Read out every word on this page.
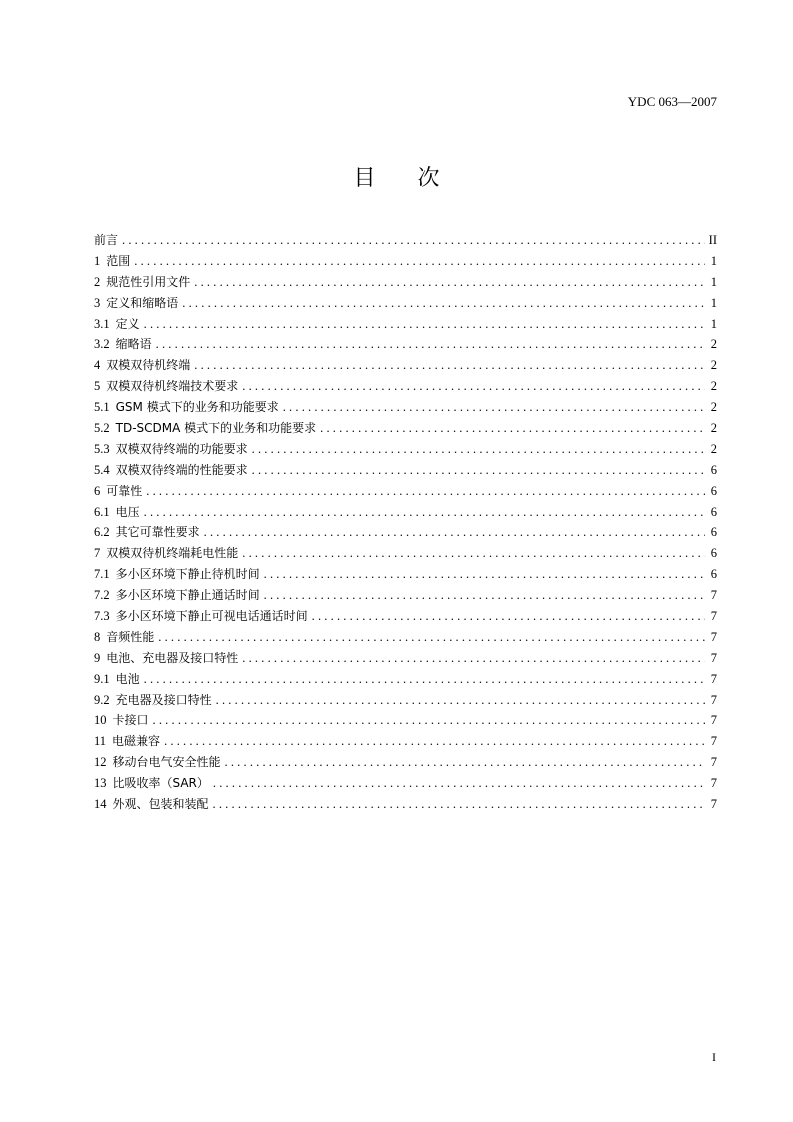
YDC 063—2007
目次
前言 .....	II
1 范围 .....	1
2 规范性引用文件 .....	1
3 定义和缩略语 .....	1
3.1 定义 .....	1
3.2 缩略语 .....	2
4 双模双待机终端 .....	2
5 双模双待机终端技术要求 .....	2
5.1 GSM 模式下的业务和功能要求 .....	2
5.2 TD-SCDMA 模式下的业务和功能要求 .....	2
5.3 双模双待终端的功能要求 .....	2
5.4 双模双待终端的性能要求 .....	6
6 可靠性 .....	6
6.1 电压 .....	6
6.2 其它可靠性要求 .....	6
7 双模双待机终端耗电性能 .....	6
7.1 多小区环境下静止待机时间 .....	6
7.2 多小区环境下静止通话时间 .....	7
7.3 多小区环境下静止可视电话通话时间 .....	7
8 音频性能 .....	7
9 电池、充电器及接口特性 .....	7
9.1 电池 .....	7
9.2 充电器及接口特性 .....	7
10 卡接口 .....	7
11 电磁兼容 .....	7
12 移动台电气安全性能 .....	7
13 比吸收率（SAR） .....	7
14 外观、包装和装配 .....	7
I
